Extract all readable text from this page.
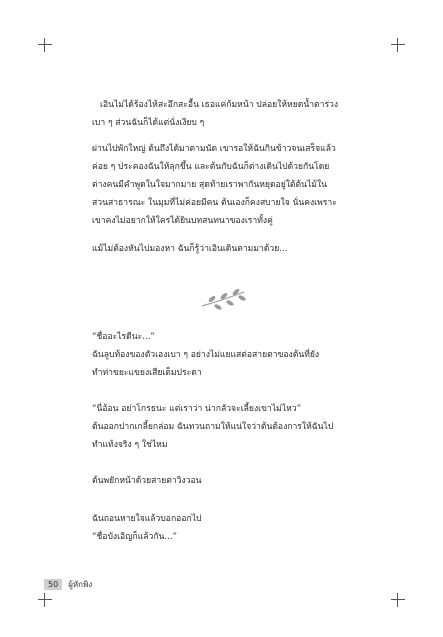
เอินไม่ได้ร้องไห้สะอึกสะอื้น เธอแค่ก้มหน้า ปล่อยให้หยดน้ำตาร่วง
เบา ๆ ส่วนฉันก็ได้แต่นั่งเงียบ ๆ
ผ่านไปพักใหญ่ ต้นถึงได้มาตามนัด เขารอให้ฉันกินข้าวจนเสร็จแล้ว
ค่อย ๆ ประคองฉันให้ลุกขึ้น และต้นกับฉันก็ต่างเดินไปด้วยกันโดย
ต่างคนมีคำพูดในใจมากมาย สุดท้ายเราพากันหยุดอยู่ใต้ต้นไม้ใน
สวนสาธารณะ ในมุมที่ไม่ค่อยมีคน ต้นเองก็คงสบายใจ นั่นคงเพราะ
เขาคงไม่อยากให้ใครได้ยินบทสนทนาของเราทั้งคู่
แม้ไม่ต้องหันไปมองหา ฉันก็รู้ว่าเอินเดินตามมาด้วย...
“ชื่ออะไรดีนะ...”
ฉันลูบท้องของตัวเองเบา ๆ อย่างไม่แยแสต่อสายตาของต้นที่ยัง
ทำท่าขยะแขยงเสียเต็มประดา
“นี่อ้อน อย่าโกรธนะ แต่เราว่า น่ากลัวจะเลี้ยงเขาไม่ไหว”
ต้นออกปากเกลี้ยกล่อม ฉันทวนถามให้แน่ใจว่าต้นต้องการให้ฉันไป
ทำแท้งจริง ๆ ใช่ไหม
ต้นพยักหน้าด้วยสายตาวิงวอน
ฉันถอนหายใจแล้วบอกออกไป
“ชื่อบังเอิญก็แล้วกัน...”
50	ผู้หักพิง
